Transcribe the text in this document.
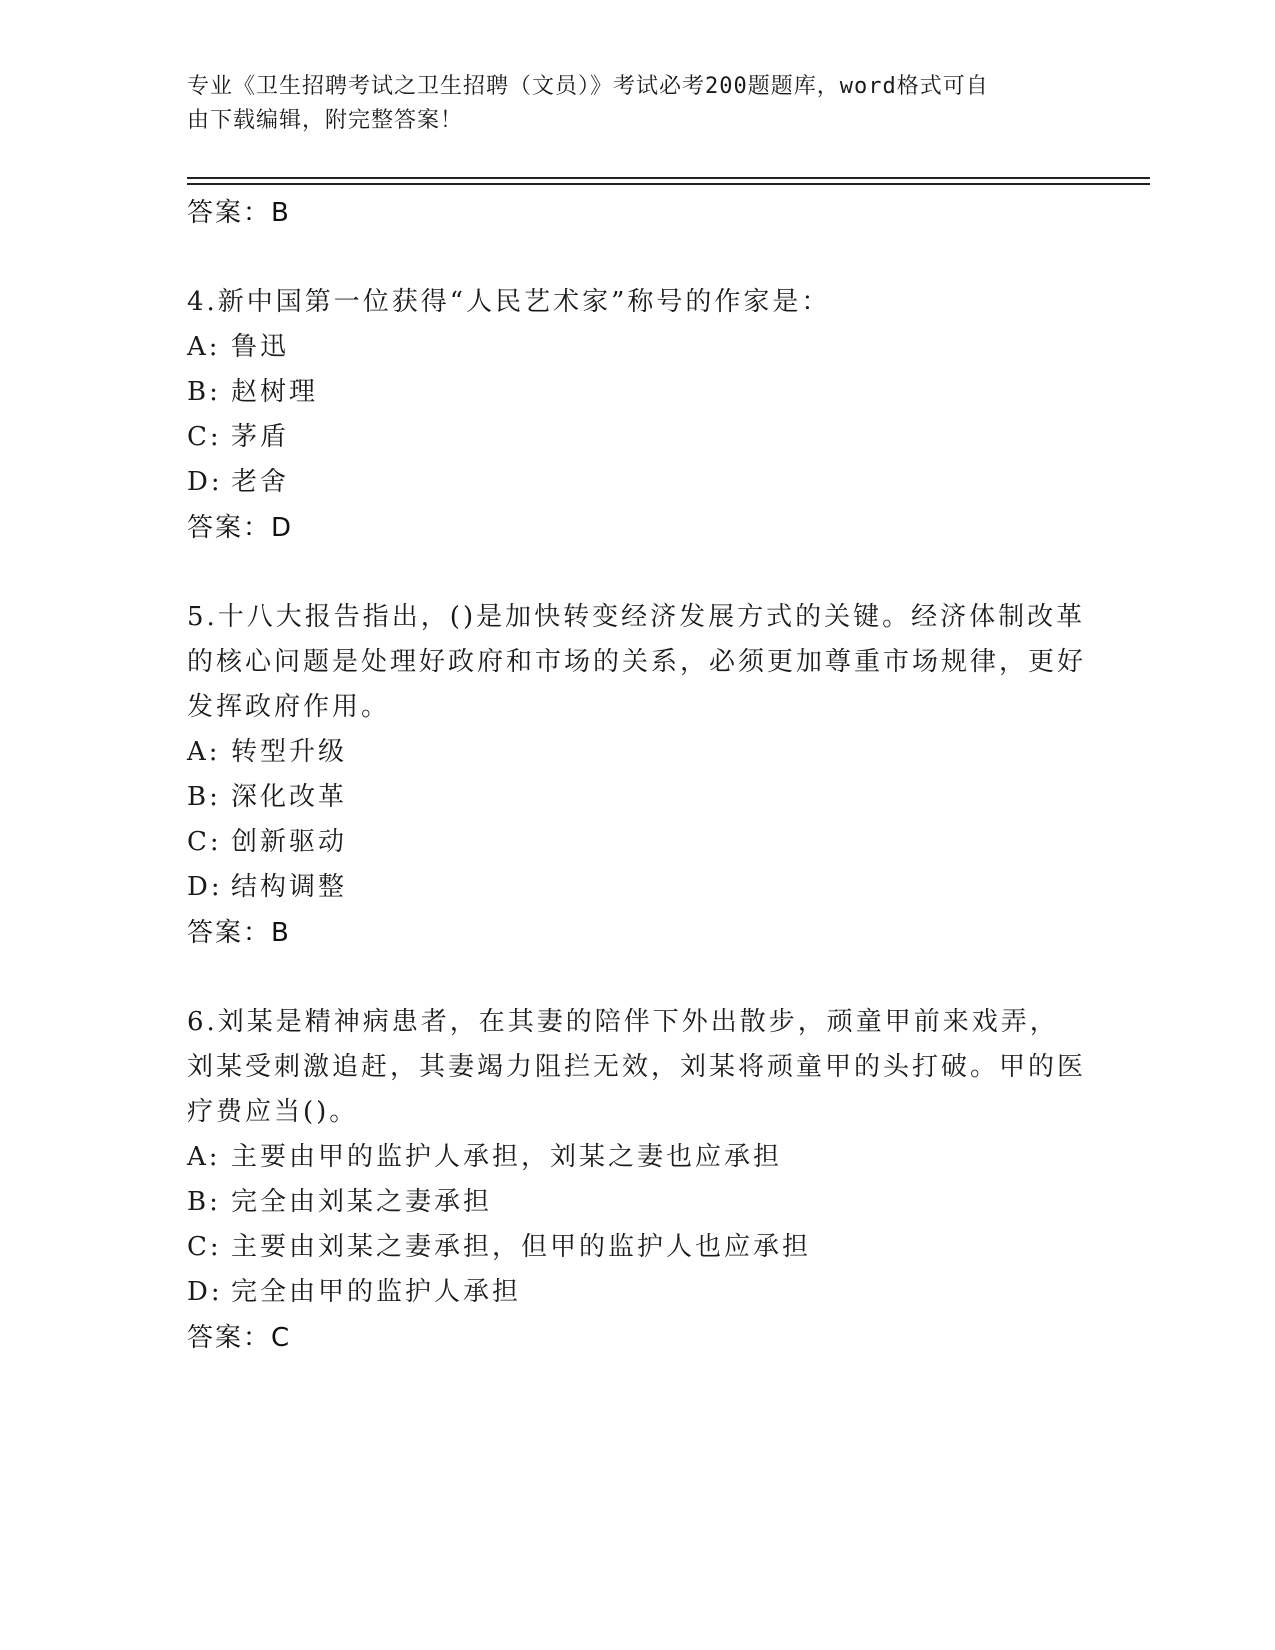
专业《卫生招聘考试之卫生招聘（文员）》考试必考200题题库，word格式可自
由下载编辑，附完整答案！
答案：B
4.新中国第一位获得“人民艺术家”称号的作家是：
A: 鲁迅
B: 赵树理
C: 茅盾
D: 老舍
答案：D
5.十八大报告指出，()是加快转变经济发展方式的关键。经济体制改革的核心问题是处理好政府和市场的关系，必须更加尊重市场规律，更好发挥政府作用。
A: 转型升级
B: 深化改革
C: 创新驱动
D: 结构调整
答案：B
6.刘某是精神病患者，在其妻的陪伴下外出散步，顽童甲前来戏弄，刘某受刺激追赶，其妻竭力阻拦无效，刘某将顽童甲的头打破。甲的医疗费应当()。
A: 主要由甲的监护人承担，刘某之妻也应承担
B: 完全由刘某之妻承担
C: 主要由刘某之妻承担，但甲的监护人也应承担
D: 完全由甲的监护人承担
答案：C
